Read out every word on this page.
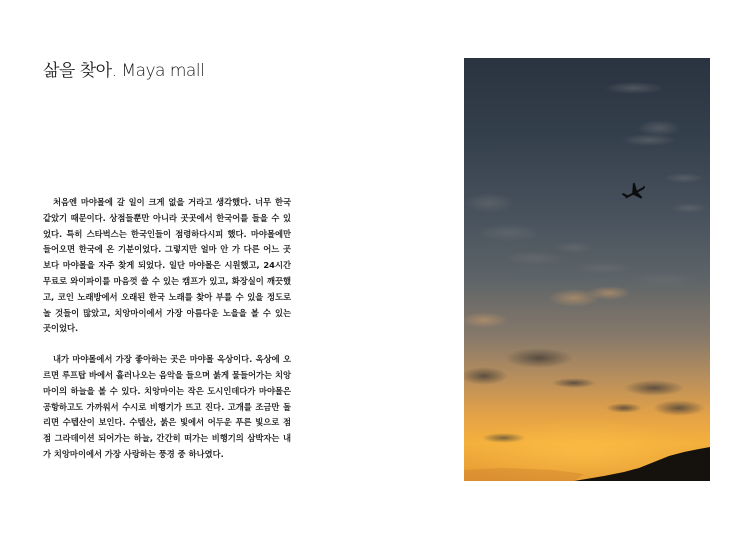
삶을 찾아. Maya mall

처음엔 마야몰에 갈 일이 크게 없을 거라고 생각했다. 너무 한국 같았기 때문이다. 상점들뿐만 아니라 곳곳에서 한국어를 들을 수 있었다. 특히 스타벅스는 한국인들이 점령하다시피 했다. 마야몰에만 들어오면 한국에 온 기분이었다. 그렇지만 얼마 안 가 다른 어느 곳보다 마야몰을 자주 찾게 되었다. 일단 마야몰은 시원했고, 24시간 무료로 와이파이를 마음껏 쓸 수 있는 캠프가 있고, 화장실이 깨끗했고, 코인 노래방에서 오래된 한국 노래를 찾아 부를 수 있을 정도로 놀 것들이 많았고, 치앙마이에서 가장 아름다운 노을을 볼 수 있는 곳이었다.

내가 마야몰에서 가장 좋아하는 곳은 마야몰 옥상이다. 옥상에 오르면 루프탑 바에서 흘러나오는 음악을 들으며 붉게 물들어가는 치앙마이의 하늘을 볼 수 있다. 치앙마이는 작은 도시인데다가 마야몰은 공항하고도 가까워서 수시로 비행기가 뜨고 진다. 고개를 조금만 돌리면 수텝산이 보인다. 수텝산, 붉은 빛에서 어두운 푸른 빛으로 점점 그라데이션 되어가는 하늘, 간간히 떠가는 비행기의 삼박자는 내가 치앙마이에서 가장 사랑하는 풍경 중 하나였다.
